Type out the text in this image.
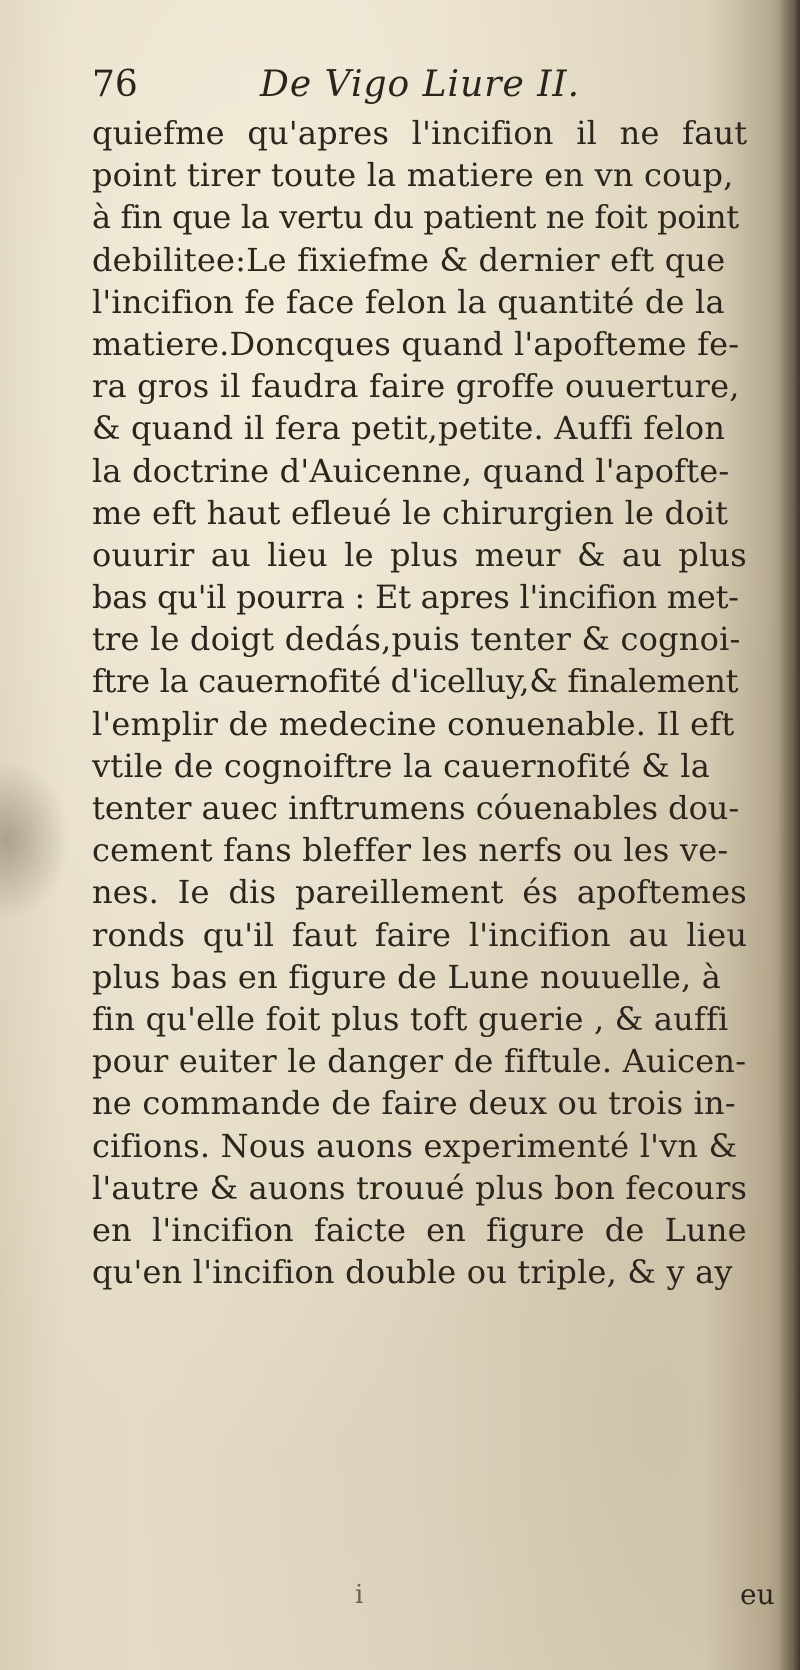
76	De Vigo Liure II.
quiefme qu'apres l'incifion il ne faut
point tirer toute la matiere en vn coup,
à fin que la vertu du patient ne foit point
debilitee:Le fixiefme & dernier eft que
l'incifion fe face felon la quantité de la
matiere.Doncques quand l'apofteme fe-
ra gros il faudra faire groffe ouuerture,
& quand il fera petit,petite. Auffi felon
la doctrine d'Auicenne, quand l'apofte-
me eft haut efleué le chirurgien le doit
ouurir au lieu le plus meur & au plus
bas qu'il pourra : Et apres l'incifion met-
tre le doigt dedás,puis tenter & cognoi-
ftre la cauernofité d'icelluy,& finalement
l'emplir de medecine conuenable. Il eft
vtile de cognoiftre la cauernofité & la
tenter auec inftrumens cóuenables dou-
cement fans bleffer les nerfs ou les ve-
nes. Ie dis pareillement és apoftemes
ronds qu'il faut faire l'incifion au lieu
plus bas en figure de Lune nouuelle, à
fin qu'elle foit plus toft guerie , & auffi
pour euiter le danger de fiftule. Auicen-
ne commande de faire deux ou trois in-
cifions. Nous auons experimenté l'vn &
l'autre & auons trouué plus bon fecours
en l'incifion faicte en figure de Lune
qu'en l'incifion double ou triple, & y ay
i	eu
